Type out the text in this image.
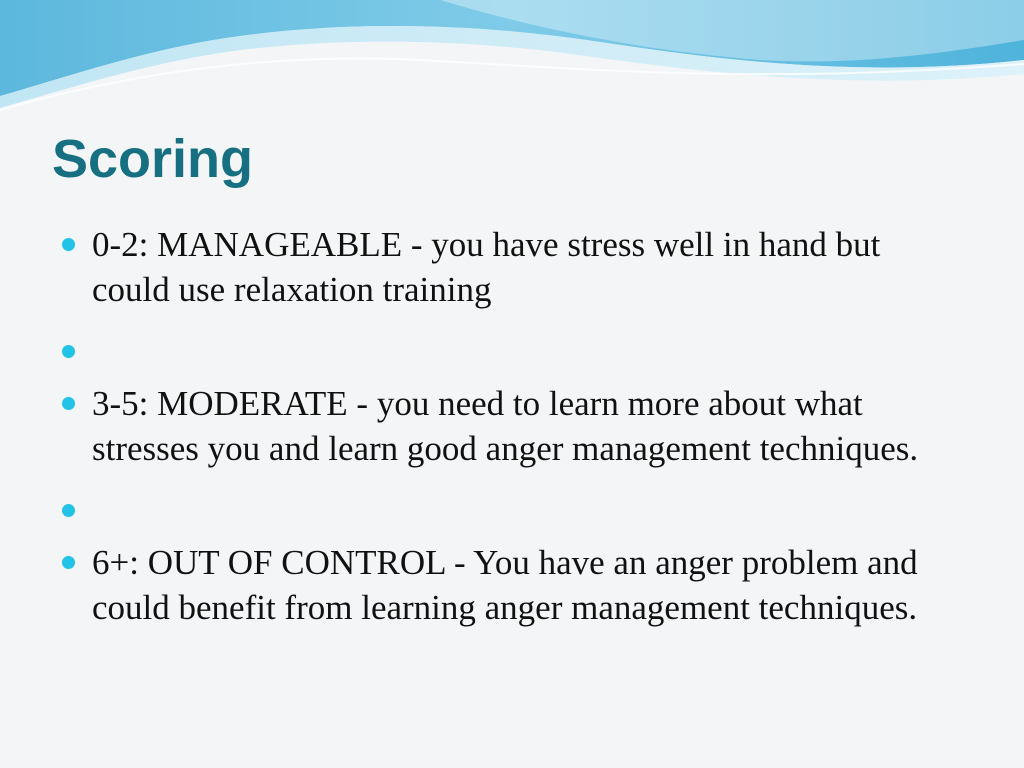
Scoring
0-2: MANAGEABLE - you have stress well in hand but could use relaxation training
3-5: MODERATE - you need to learn more about what stresses you and learn good anger management techniques.
6+: OUT OF CONTROL - You have an anger problem and could benefit from learning anger management techniques.
